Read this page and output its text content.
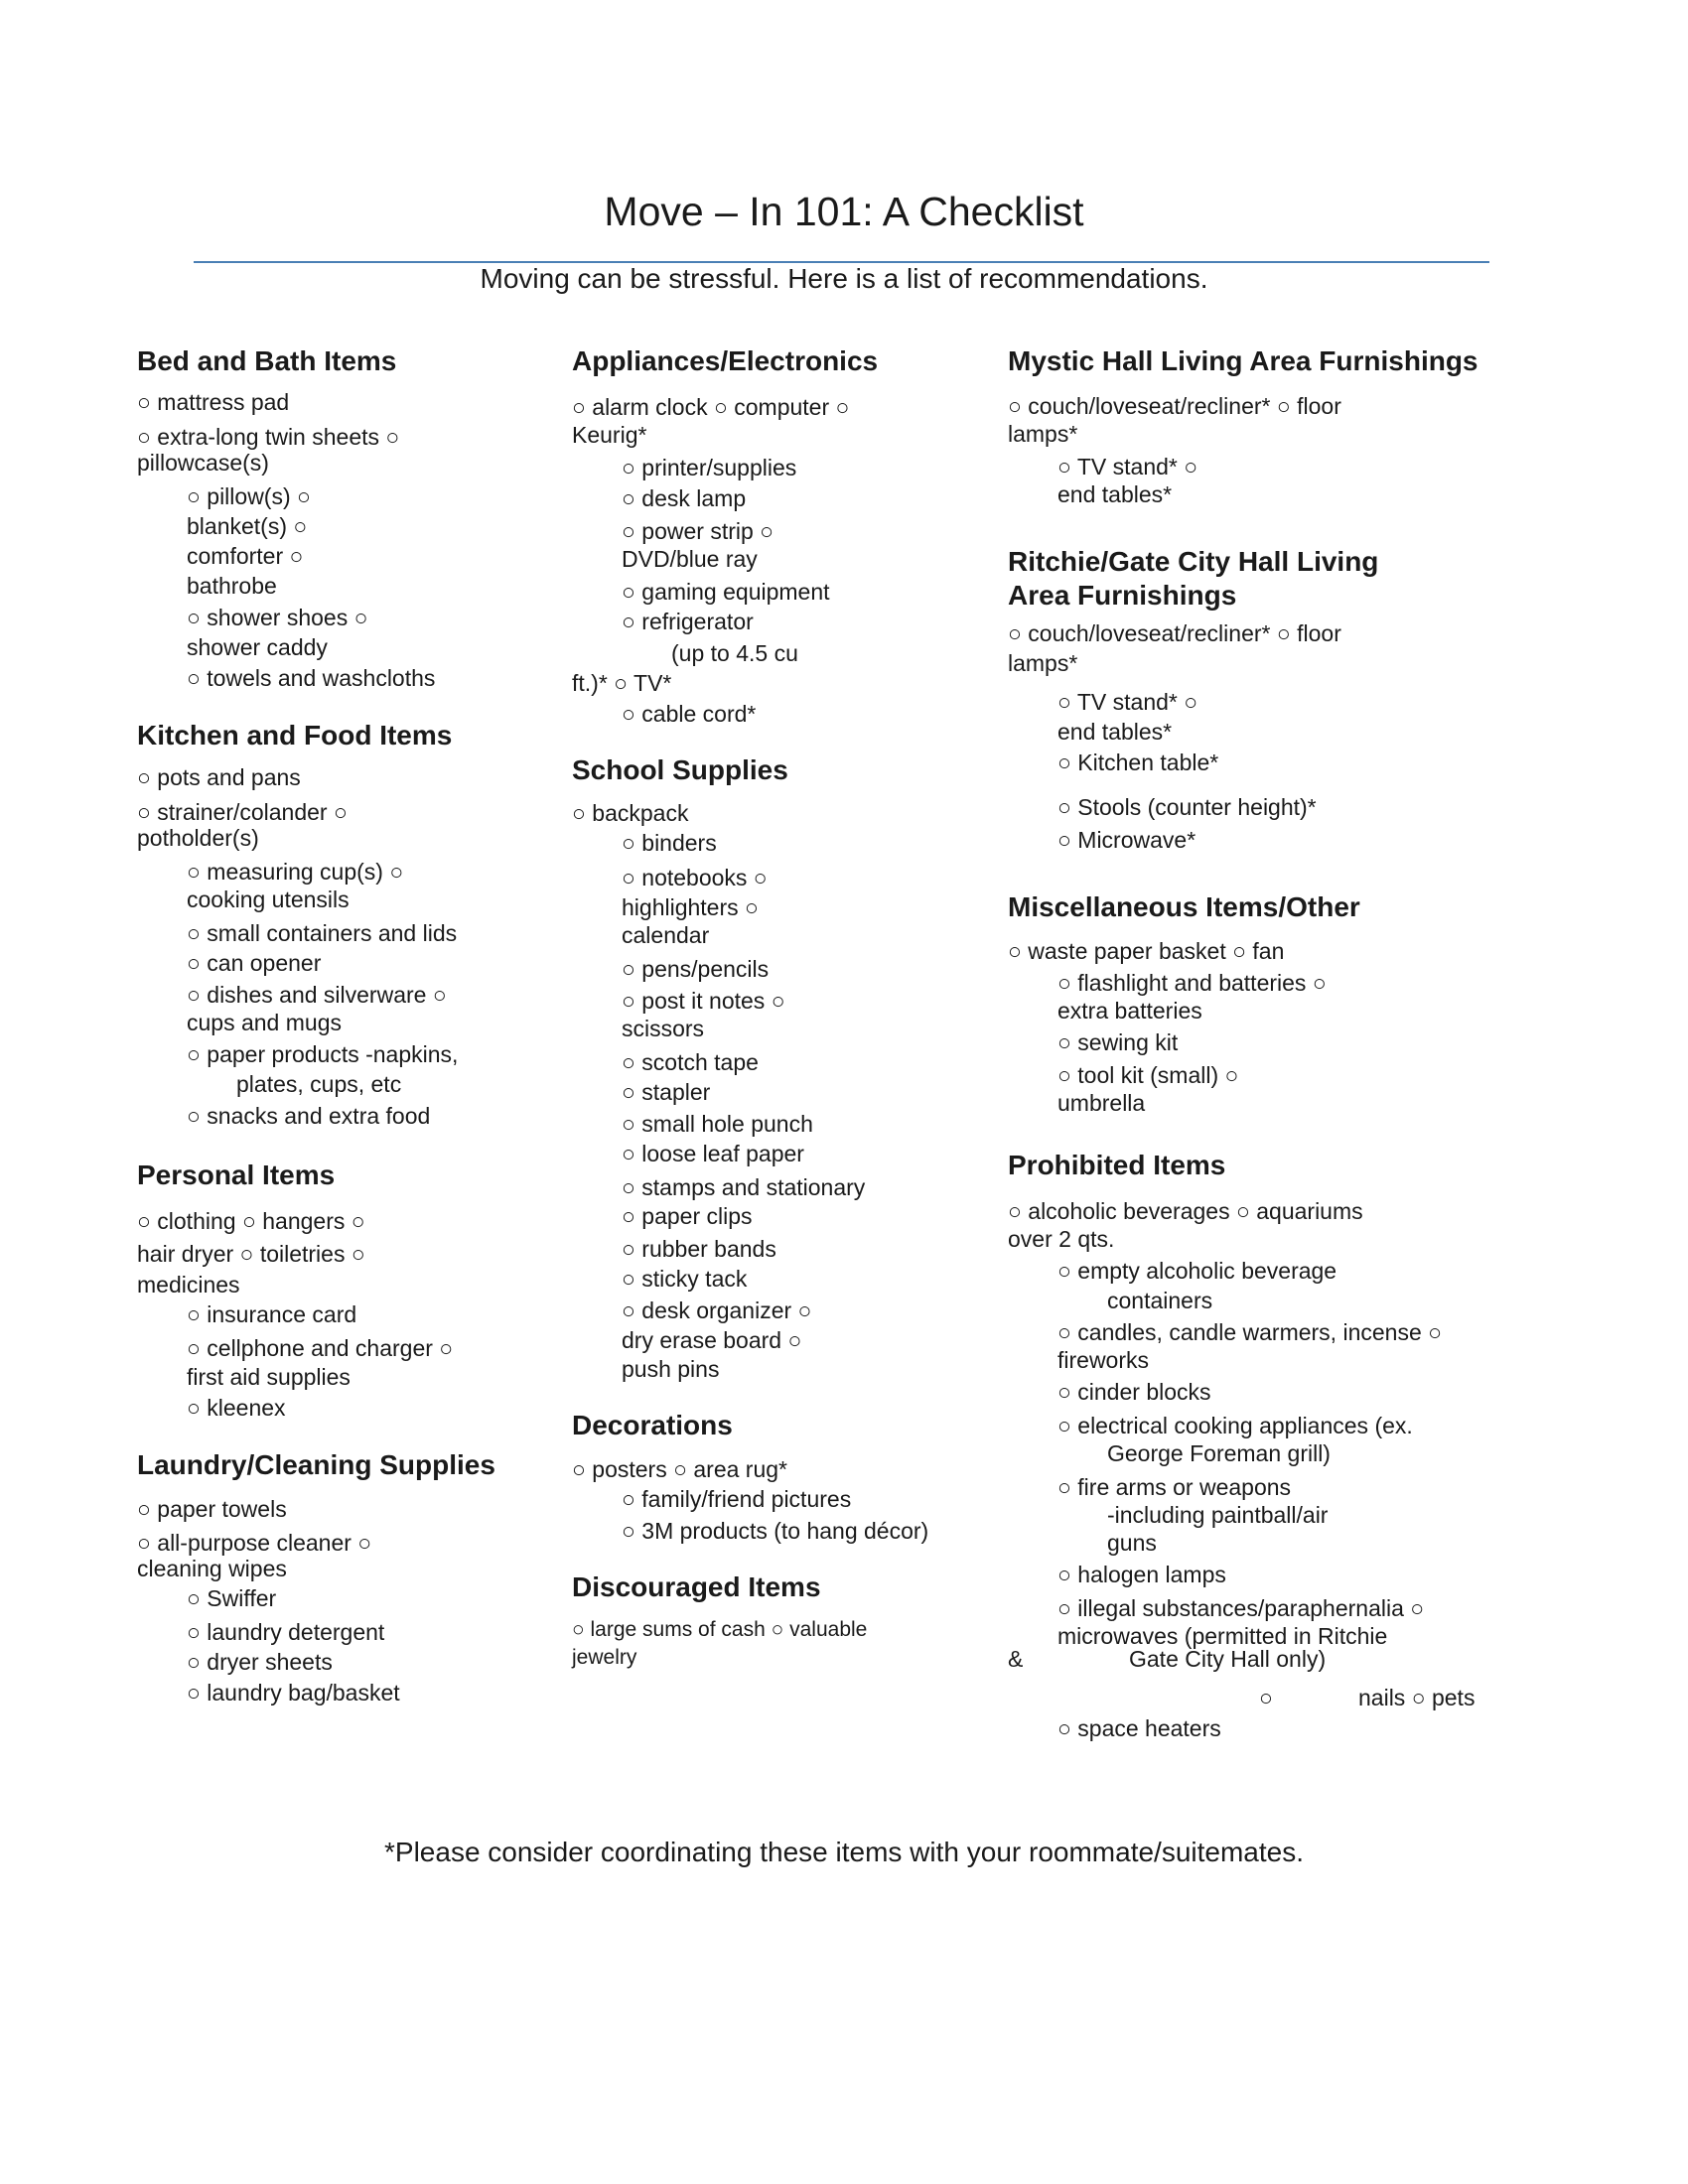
Move – In 101: A Checklist
Moving can be stressful. Here is a list of recommendations.
Bed and Bath Items
○ mattress pad
○ extra-long twin sheets ○
pillowcase(s)
○ pillow(s) ○
blanket(s) ○
comforter ○
bathrobe
○ shower shoes ○
shower caddy
○ towels and washcloths
Kitchen and Food Items
○ pots and pans
○ strainer/colander ○
potholder(s)
○ measuring cup(s) ○
cooking utensils
○ small containers and lids
○ can opener
○ dishes and silverware ○
cups and mugs
○ paper products -napkins,
plates, cups, etc
○ snacks and extra food
Personal Items
○ clothing ○ hangers ○
hair dryer ○ toiletries ○
medicines
○ insurance card
○ cellphone and charger ○
first aid supplies
○ kleenex
Laundry/Cleaning Supplies
○ paper towels
○ all-purpose cleaner ○
cleaning wipes
○ Swiffer
○ laundry detergent
○ dryer sheets
○ laundry bag/basket
Appliances/Electronics
○ alarm clock ○ computer ○
Keurig*
○ printer/supplies
○ desk lamp
○ power strip ○
DVD/blue ray
○ gaming equipment
○ refrigerator
(up to 4.5 cu
ft.)* ○ TV*
○ cable cord*
School Supplies
○ backpack
○ binders
○ notebooks ○
highlighters ○
calendar
○ pens/pencils
○ post it notes ○
scissors
○ scotch tape
○ stapler
○ small hole punch
○ loose leaf paper
○ stamps and stationary
○ paper clips
○ rubber bands
○ sticky tack
○ desk organizer ○
dry erase board ○
push pins
Decorations
○ posters ○ area rug*
○ family/friend pictures
○ 3M products (to hang décor)
Discouraged Items
○ large sums of cash ○ valuable
jewelry
Mystic Hall Living Area Furnishings
○ couch/loveseat/recliner* ○ floor
lamps*
○ TV stand* ○
end tables*
Ritchie/Gate City Hall Living
Area Furnishings
○ couch/loveseat/recliner* ○ floor
lamps*
○ TV stand* ○
end tables*
○ Kitchen table*
○ Stools (counter height)*
○ Microwave*
Miscellaneous Items/Other
○ waste paper basket ○ fan
○ flashlight and batteries ○
extra batteries
○ sewing kit
○ tool kit (small) ○
umbrella
Prohibited Items
○ alcoholic beverages ○ aquariums
over 2 qts.
○ empty alcoholic beverage
containers
○ candles, candle warmers, incense ○
fireworks
○ cinder blocks
○ electrical cooking appliances (ex.
George Foreman grill)
○ fire arms or weapons
-including paintball/air
guns
○ halogen lamps
○ illegal substances/paraphernalia ○
microwaves (permitted in Ritchie
&	Gate City Hall only)
○	nails ○ pets
○ space heaters
*Please consider coordinating these items with your roommate/suitemates.
